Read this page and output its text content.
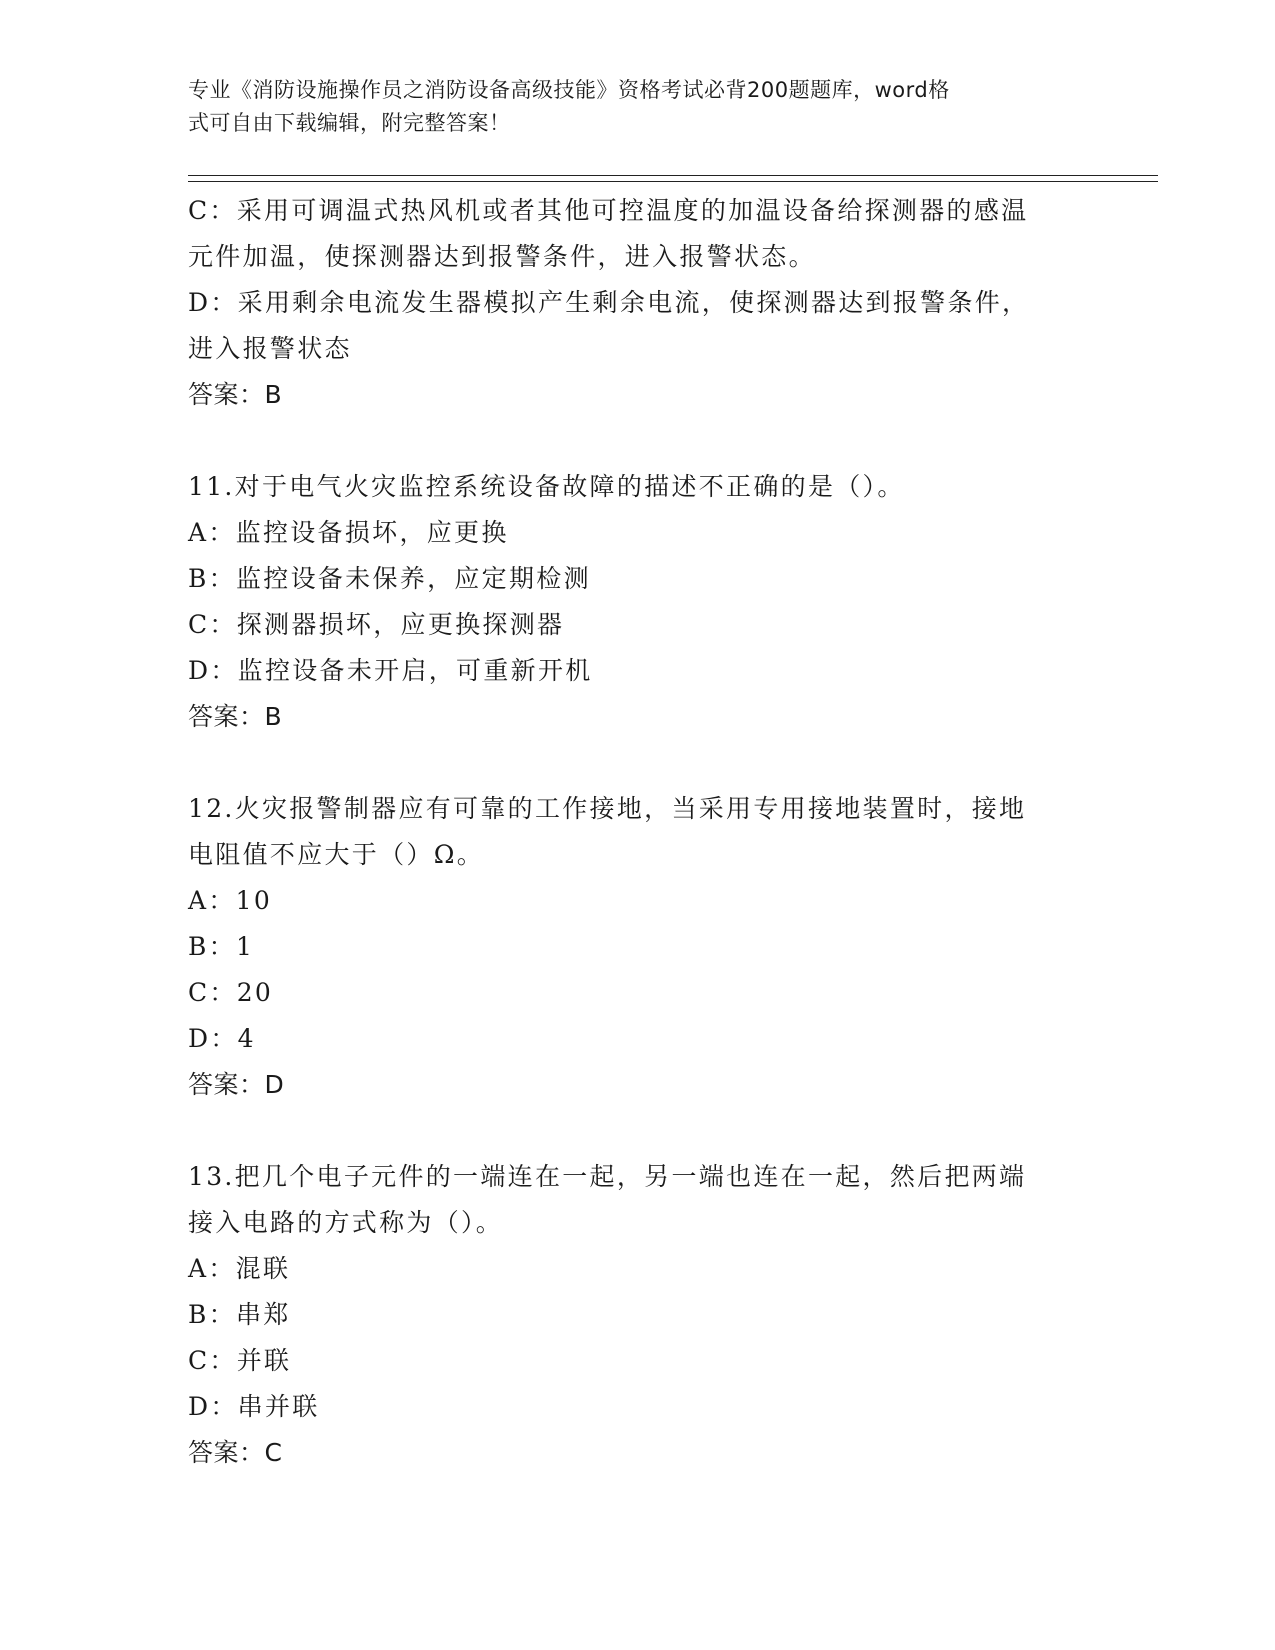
专业《消防设施操作员之消防设备高级技能》资格考试必背200题题库，word格
式可自由下载编辑，附完整答案！
C：采用可调温式热风机或者其他可控温度的加温设备给探测器的感温
元件加温，使探测器达到报警条件，进入报警状态。
D：采用剩余电流发生器模拟产生剩余电流，使探测器达到报警条件，
进入报警状态
答案：B
11.对于电气火灾监控系统设备故障的描述不正确的是（）。
A：监控设备损坏，应更换
B：监控设备未保养，应定期检测
C：探测器损坏，应更换探测器
D：监控设备未开启，可重新开机
答案：B
12.火灾报警制器应有可靠的工作接地，当采用专用接地装置时，接地
电阻值不应大于（）Ω。
A：10
B：1
C：20
D：4
答案：D
13.把几个电子元件的一端连在一起，另一端也连在一起，然后把两端
接入电路的方式称为（）。
A：混联
B：串郑
C：并联
D：串并联
答案：C
